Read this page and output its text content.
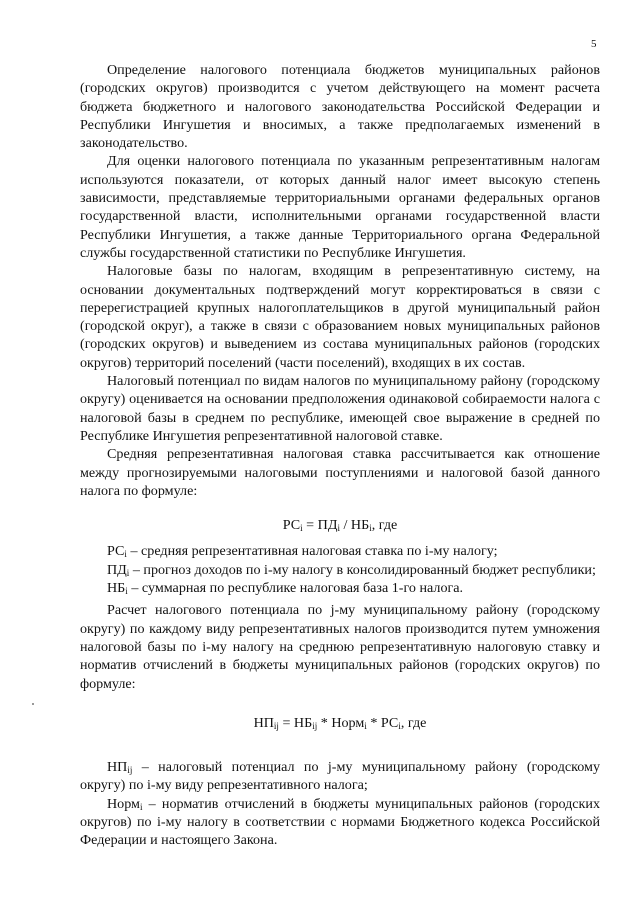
5

Определение налогового потенциала бюджетов муниципальных районов (городских округов) производится с учетом действующего на момент расчета бюджета бюджетного и налогового законодательства Российской Федерации и Республики Ингушетия и вносимых, а также предполагаемых изменений в законодательство.

Для оценки налогового потенциала по указанным репрезентативным налогам используются показатели, от которых данный налог имеет высокую степень зависимости, представляемые территориальными органами федеральных органов государственной власти, исполнительными органами государственной власти Республики Ингушетия, а также данные Территориального органа Федеральной службы государственной статистики по Республике Ингушетия.

Налоговые базы по налогам, входящим в репрезентативную систему, на основании документальных подтверждений могут корректироваться в связи с перерегистрацией крупных налогоплательщиков в другой муниципальный район (городской округ), а также в связи с образованием новых муниципальных районов (городских округов) и выведением из состава муниципальных районов (городских округов) территорий поселений (части поселений), входящих в их состав.

Налоговый потенциал по видам налогов по муниципальному району (городскому округу) оценивается на основании предположения одинаковой собираемости налога с налоговой базы в среднем по республике, имеющей свое выражение в средней по Республике Ингушетия репрезентативной налоговой ставке.

Средняя репрезентативная налоговая ставка рассчитывается как отношение между прогнозируемыми налоговыми поступлениями и налоговой базой данного налога по формуле:

$РС_i = ПД_i / НБ_i$, где

$РС_i$ – средняя репрезентативная налоговая ставка по i-му налогу;

$ПД_i$ – прогноз доходов по i-му налогу в консолидированный бюджет республики;

$НБ_i$ – суммарная по республике налоговая база 1-го налога.

Расчет налогового потенциала по j-му муниципальному району (городскому округу) по каждому виду репрезентативных налогов производится путем умножения налоговой базы по i-му налогу на среднюю репрезентативную налоговую ставку и норматив отчислений в бюджеты муниципальных районов (городских округов) по формуле:

$НП_{ij} = НБ_{ij}$ * Норм$_i$ * $РС_i$, где

$НП_{ij}$ – налоговый потенциал по j-му муниципальному району (городскому округу) по i-му виду репрезентативного налога;

Норм$_i$ – норматив отчислений в бюджеты муниципальных районов (городских округов) по i-му налогу в соответствии с нормами Бюджетного кодекса Российской Федерации и настоящего Закона.
